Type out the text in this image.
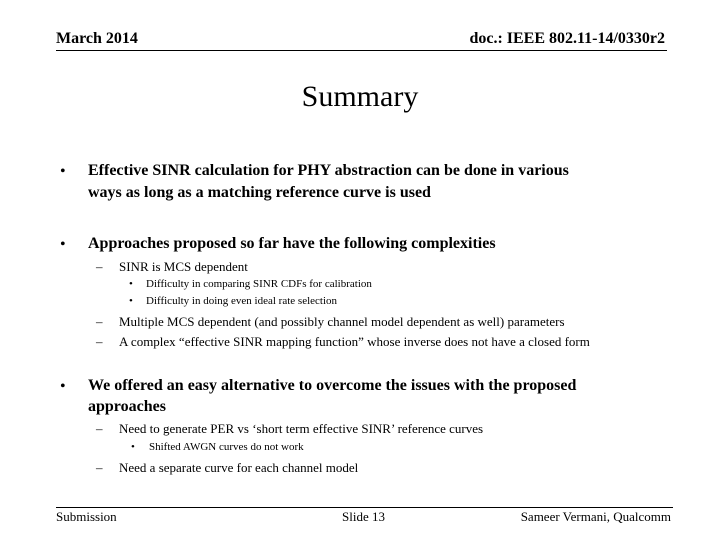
March 2014	doc.: IEEE 802.11-14/0330r2
Summary
• Effective SINR calculation for PHY abstraction can be done in various
ways as long as a matching reference curve is used
• Approaches proposed so far have the following complexities
– SINR is MCS dependent
• Difficulty in comparing SINR CDFs for calibration
• Difficulty in doing even ideal rate selection
– Multiple MCS dependent (and possibly channel model dependent as well) parameters
– A complex “effective SINR mapping function” whose inverse does not have a closed form
• We offered an easy alternative to overcome the issues with the proposed
approaches
– Need to generate PER vs ‘short term effective SINR’ reference curves
• Shifted AWGN curves do not work
– Need a separate curve for each channel model
Submission	Slide 13	Sameer Vermani, Qualcomm
